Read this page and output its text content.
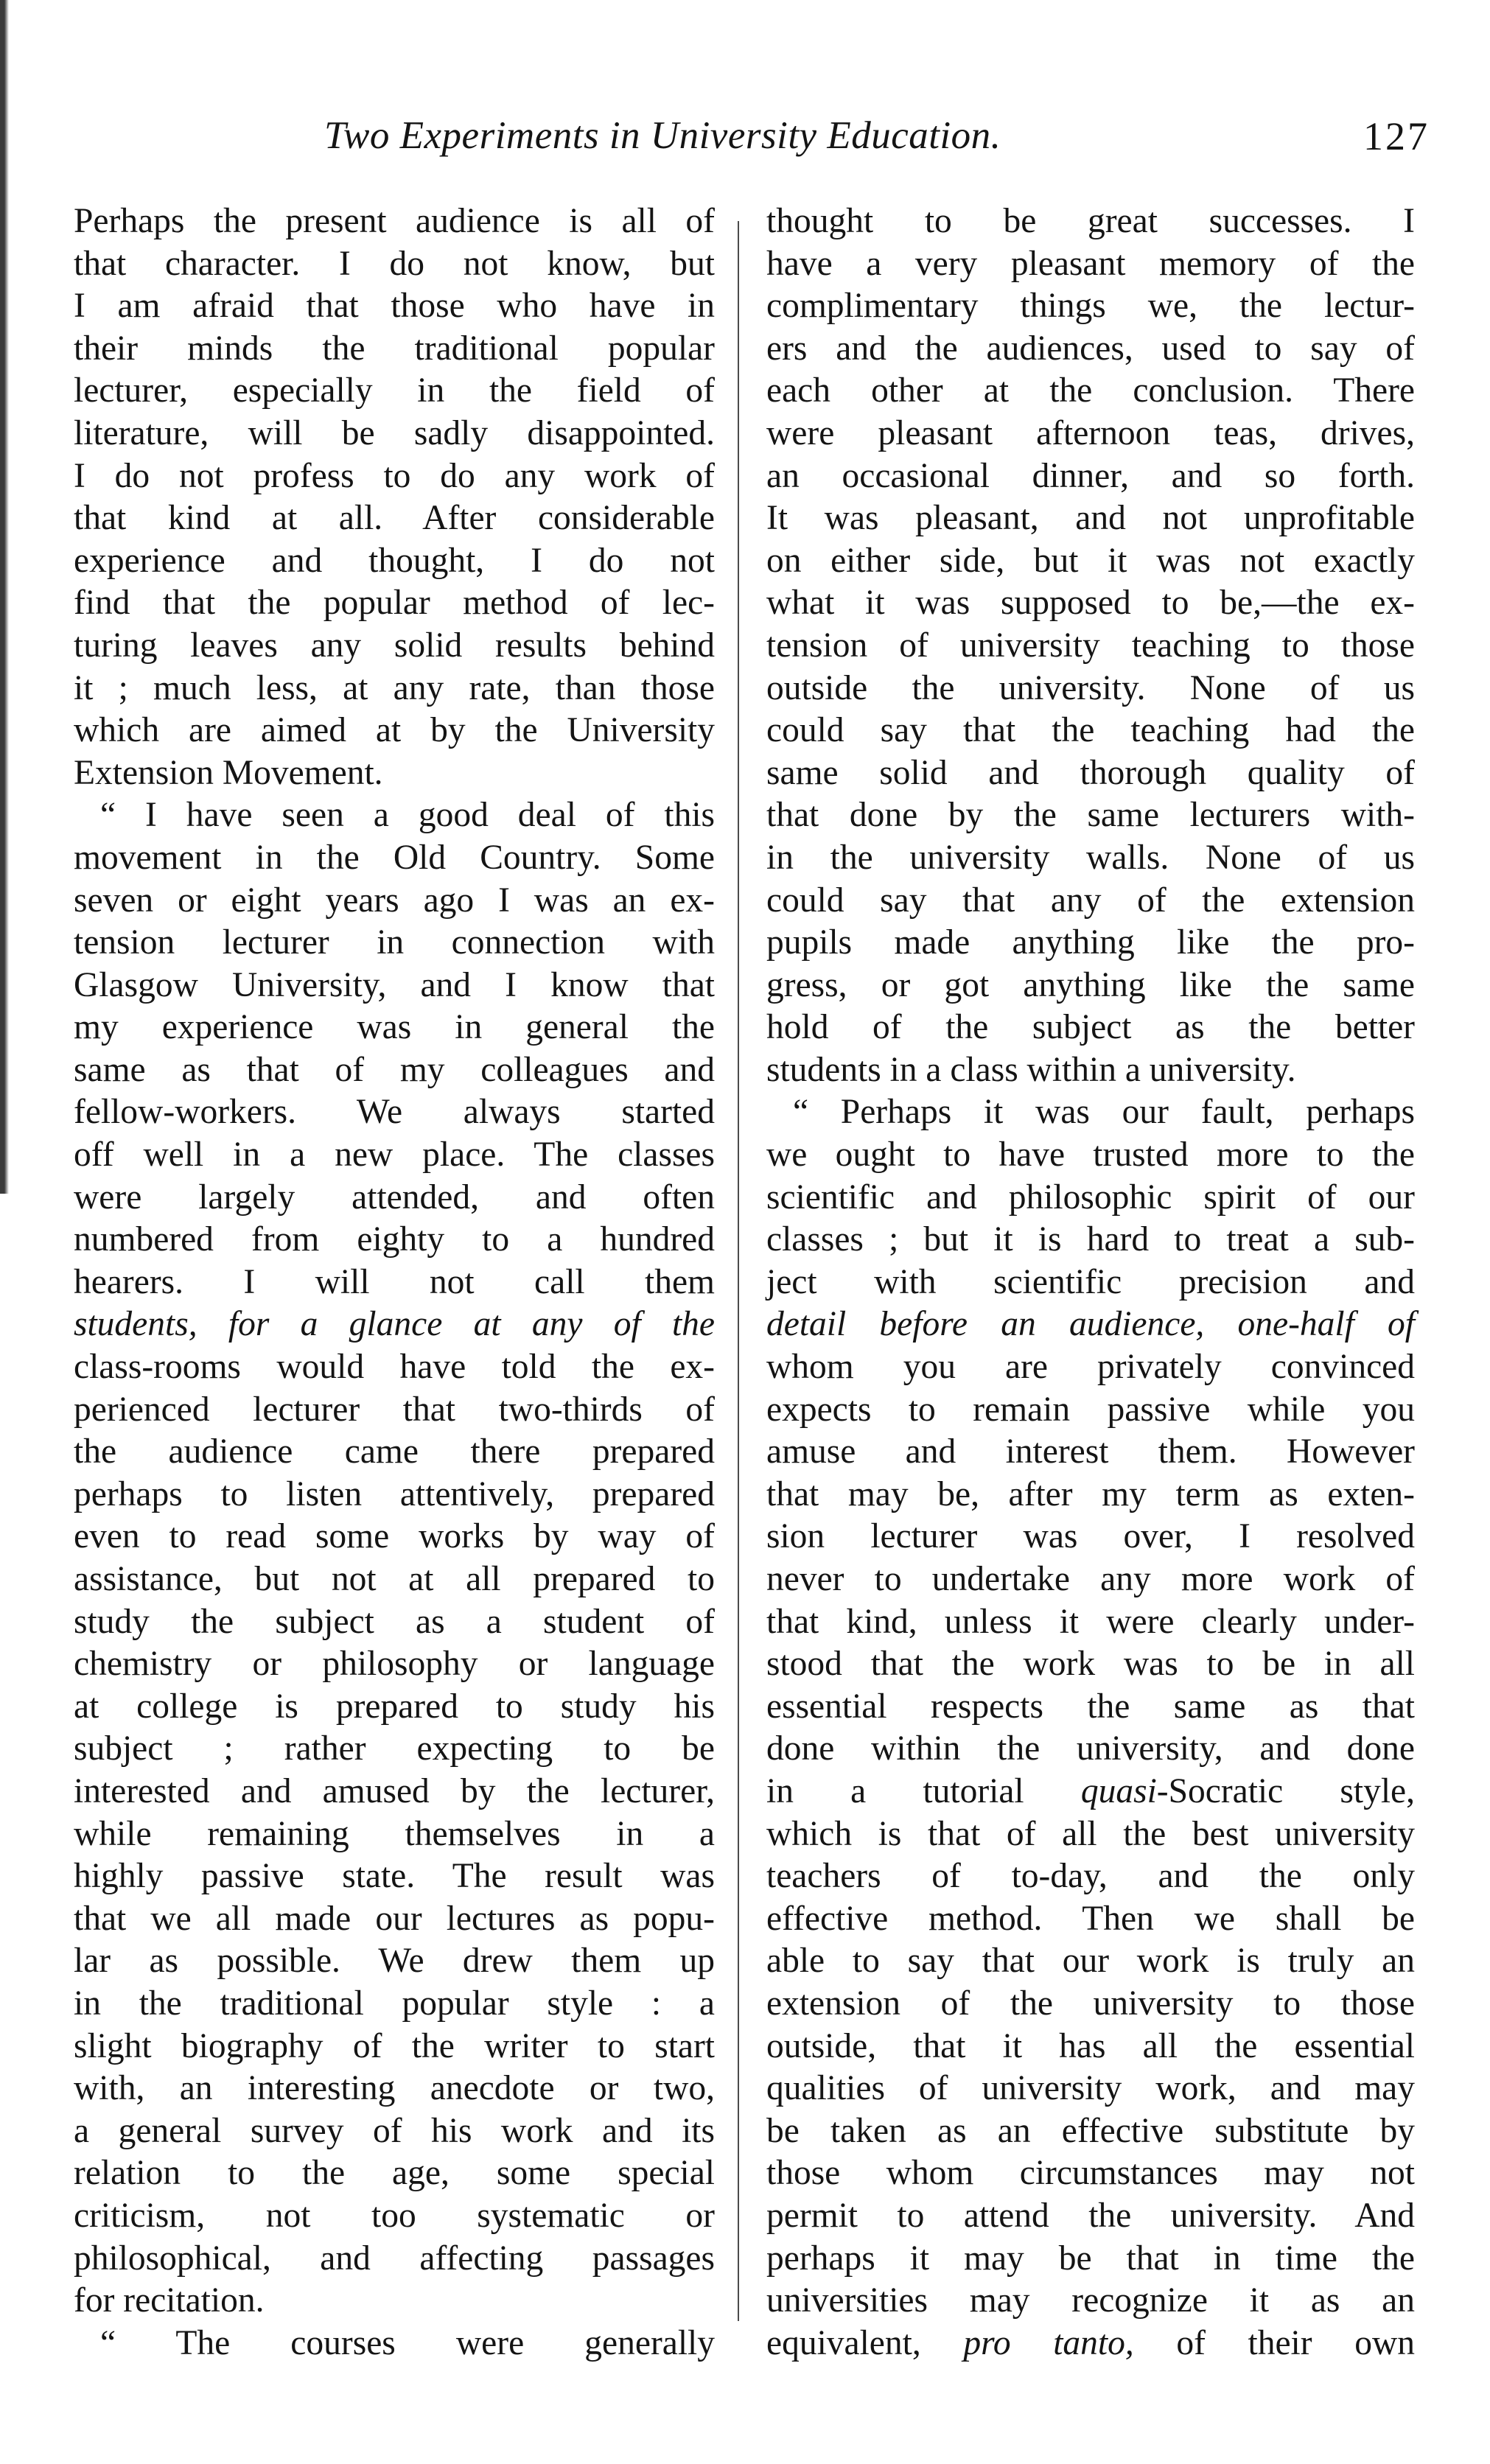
Two Experiments in University Education.	127
Perhaps the present audience is all of
that character. I do not know, but
I am afraid that those who have in
their minds the traditional popular
lecturer, especially in the field of
literature, will be sadly disappointed.
I do not profess to do any work of
that kind at all. After considerable
experience and thought, I do not
find that the popular method of lec-
turing leaves any solid results behind
it ; much less, at any rate, than those
which are aimed at by the University
Extension Movement.
“ I have seen a good deal of this
movement in the Old Country. Some
seven or eight years ago I was an ex-
tension lecturer in connection with
Glasgow University, and I know that
my experience was in general the
same as that of my colleagues and
fellow-workers. We always started
off well in a new place. The classes
were largely attended, and often
numbered from eighty to a hundred
hearers. I will not call them
students, for a glance at any of the
class-rooms would have told the ex-
perienced lecturer that two-thirds of
the audience came there prepared
perhaps to listen attentively, prepared
even to read some works by way of
assistance, but not at all prepared to
study the subject as a student of
chemistry or philosophy or language
at college is prepared to study his
subject ; rather expecting to be
interested and amused by the lecturer,
while remaining themselves in a
highly passive state. The result was
that we all made our lectures as popu-
lar as possible. We drew them up
in the traditional popular style : a
slight biography of the writer to start
with, an interesting anecdote or two,
a general survey of his work and its
relation to the age, some special
criticism, not too systematic or
philosophical, and affecting passages
for recitation.
“ The courses were generally
thought to be great successes. I
have a very pleasant memory of the
complimentary things we, the lectur-
ers and the audiences, used to say of
each other at the conclusion. There
were pleasant afternoon teas, drives,
an occasional dinner, and so forth.
It was pleasant, and not unprofitable
on either side, but it was not exactly
what it was supposed to be,—the ex-
tension of university teaching to those
outside the university. None of us
could say that the teaching had the
same solid and thorough quality of
that done by the same lecturers with-
in the university walls. None of us
could say that any of the extension
pupils made anything like the pro-
gress, or got anything like the same
hold of the subject as the better
students in a class within a university.
“ Perhaps it was our fault, perhaps
we ought to have trusted more to the
scientific and philosophic spirit of our
classes ; but it is hard to treat a sub-
ject with scientific precision and
detail before an audience, one-half of
whom you are privately convinced
expects to remain passive while you
amuse and interest them. However
that may be, after my term as exten-
sion lecturer was over, I resolved
never to undertake any more work of
that kind, unless it were clearly under-
stood that the work was to be in all
essential respects the same as that
done within the university, and done
in a tutorial quasi-Socratic style,
which is that of all the best university
teachers of to-day, and the only
effective method. Then we shall be
able to say that our work is truly an
extension of the university to those
outside, that it has all the essential
qualities of university work, and may
be taken as an effective substitute by
those whom circumstances may not
permit to attend the university. And
perhaps it may be that in time the
universities may recognize it as an
equivalent, pro tanto, of their own
